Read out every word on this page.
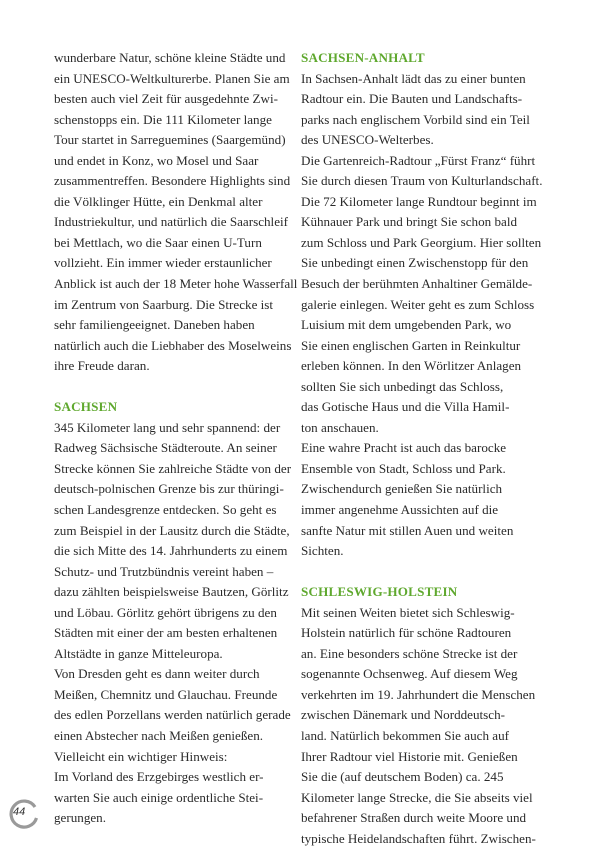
wunderbare Natur, schöne kleine Städte und
ein UNESCO-Weltkulturerbe. Planen Sie am
besten auch viel Zeit für ausgedehnte Zwi-
schenstopps ein. Die 111 Kilometer lange
Tour startet in Sarreguemines (Saargemünd)
und endet in Konz, wo Mosel und Saar
zusammentreffen. Besondere Highlights sind
die Völklinger Hütte, ein Denkmal alter
Industriekultur, und natürlich die Saarschleif
bei Mettlach, wo die Saar einen U-Turn
vollzieht. Ein immer wieder erstaunlicher
Anblick ist auch der 18 Meter hohe Wasserfall
im Zentrum von Saarburg. Die Strecke ist
sehr familiengeeignet. Daneben haben
natürlich auch die Liebhaber des Moselweins
ihre Freude daran.

SACHSEN

345 Kilometer lang und sehr spannend: der
Radweg Sächsische Städteroute. An seiner
Strecke können Sie zahlreiche Städte von der
deutsch-polnischen Grenze bis zur thüringi-
schen Landesgrenze entdecken. So geht es
zum Beispiel in der Lausitz durch die Städte,
die sich Mitte des 14. Jahrhunderts zu einem
Schutz- und Trutzbündnis vereint haben –
dazu zählten beispielsweise Bautzen, Görlitz
und Löbau. Görlitz gehört übrigens zu den
Städten mit einer der am besten erhaltenen
Altstädte in ganze Mitteleuropa.

Von Dresden geht es dann weiter durch
Meißen, Chemnitz und Glauchau. Freunde
des edlen Porzellans werden natürlich gerade
einen Abstecher nach Meißen genießen.
Vielleicht ein wichtiger Hinweis:
Im Vorland des Erzgebirges westlich er-
warten Sie auch einige ordentliche Stei-
gerungen.

SACHSEN-ANHALT

In Sachsen-Anhalt lädt das zu einer bunten
Radtour ein. Die Bauten und Landschafts-
parks nach englischem Vorbild sind ein Teil
des UNESCO-Welterbes.

Die Gartenreich-Radtour „Fürst Franz“ führt
Sie durch diesen Traum von Kulturlandschaft.
Die 72 Kilometer lange Rundtour beginnt im
Kühnauer Park und bringt Sie schon bald
zum Schloss und Park Georgium. Hier sollten
Sie unbedingt einen Zwischenstopp für den
Besuch der berühmten Anhaltiner Gemälde-
galerie einlegen. Weiter geht es zum Schloss
Luisium mit dem umgebenden Park, wo
Sie einen englischen Garten in Reinkultur
erleben können. In den Wörlitzer Anlagen
sollten Sie sich unbedingt das Schloss,
das Gotische Haus und die Villa Hamil-
ton anschauen.

Eine wahre Pracht ist auch das barocke
Ensemble von Stadt, Schloss und Park.
Zwischendurch genießen Sie natürlich
immer angenehme Aussichten auf die
sanfte Natur mit stillen Auen und weiten
Sichten.

SCHLESWIG-HOLSTEIN

Mit seinen Weiten bietet sich Schleswig-
Holstein natürlich für schöne Radtouren
an. Eine besonders schöne Strecke ist der
sogenannte Ochsenweg. Auf diesem Weg
verkehrten im 19. Jahrhundert die Menschen
zwischen Dänemark und Norddeutsch-
land. Natürlich bekommen Sie auch auf
Ihrer Radtour viel Historie mit. Genießen
Sie die (auf deutschem Boden) ca. 245
Kilometer lange Strecke, die Sie abseits viel
befahrener Straßen durch weite Moore und
typische Heidelandschaften führt. Zwischen-

44
